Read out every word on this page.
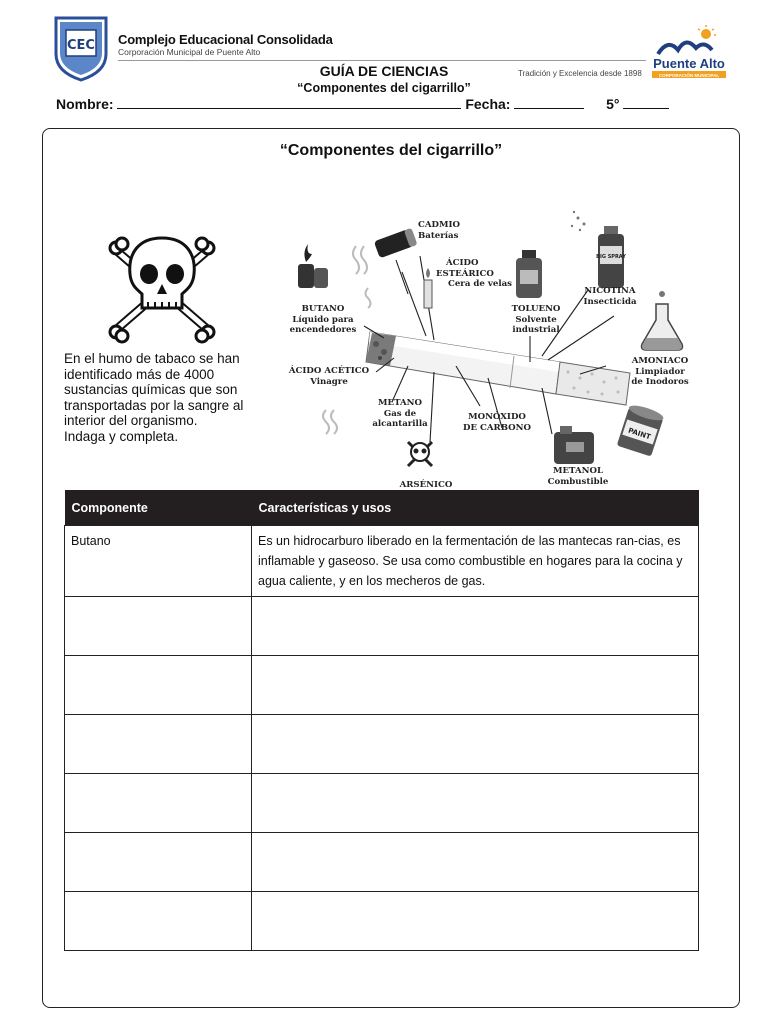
CEC Complejo Educacional Consolidada
Corporación Municipal de Puente Alto
GUÍA DE CIENCIAS
“Componentes del cigarrillo”
Tradición y Excelencia desde 1898
Puente Alto
CORPORACIÓN MUNICIPAL
Nombre:	Fecha:	5°
“Componentes del cigarrillo”
En el humo de tabaco se han identificado más de 4000 sustancias químicas que son transportadas por la sangre al interior del organismo.
Indaga y completa.
BIG SPRAY
PAINT
CADMIO
Baterías
ÁCIDO
ESTEÁRICO
Cera de velas
NICOTINA
Insecticida
BUTANO
Líquido para
encendedores
TOLUENO
Solvente
industrial
AMONIACO
Limpiador
de Inodoros
ÁCIDO ACÉTICO
Vinagre
METANO
Gas de
alcantarilla
MONÓXIDO
DE CARBONO
ARSÉNICO
METANOL
Combustible
Componente	Características y usos
Butano	Es un hidrocarburo liberado en la fermentación de las mantecas ran-cias, es inflamable y gaseoso. Se usa como combustible en hogares para la cocina y agua caliente, y en los mecheros de gas.
